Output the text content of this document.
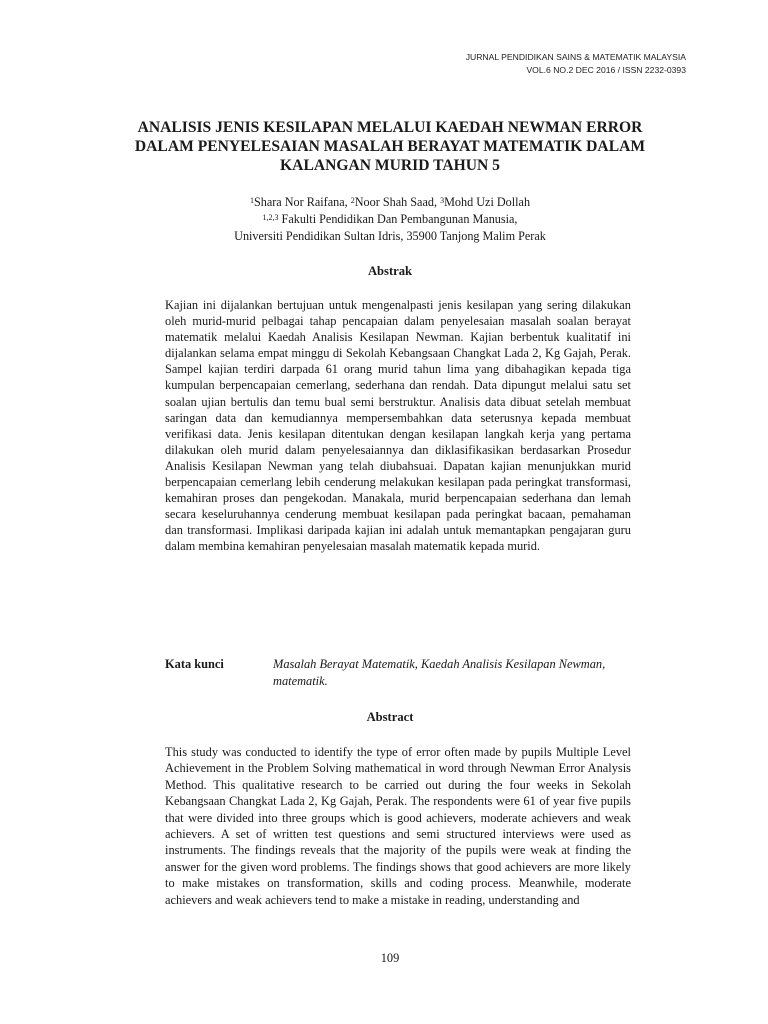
JURNAL PENDIDIKAN SAINS & MATEMATIK MALAYSIA
VOL.6 NO.2 DEC 2016 / ISSN 2232-0393
ANALISIS JENIS KESILAPAN MELALUI KAEDAH NEWMAN ERROR DALAM PENYELESAIAN MASALAH BERAYAT MATEMATIK DALAM KALANGAN MURID TAHUN 5
$^1$Shara Nor Raifana, $^2$Noor Shah Saad, $^3$Mohd Uzi Dollah
$^{1,2,3}$ Fakulti Pendidikan Dan Pembangunan Manusia,
Universiti Pendidikan Sultan Idris, 35900 Tanjong Malim Perak
Abstrak
Kajian ini dijalankan bertujuan untuk mengenalpasti jenis kesilapan yang sering dilakukan oleh murid-murid pelbagai tahap pencapaian dalam penyelesaian masalah soalan berayat matematik melalui Kaedah Analisis Kesilapan Newman. Kajian berbentuk kualitatif ini dijalankan selama empat minggu di Sekolah Kebangsaan Changkat Lada 2, Kg Gajah, Perak. Sampel kajian terdiri darpada 61 orang murid tahun lima yang dibahagikan kepada tiga kumpulan berpencapaian cemerlang, sederhana dan rendah. Data dipungut melalui satu set soalan ujian bertulis dan temu bual semi berstruktur. Analisis data dibuat setelah membuat saringan data dan kemudiannya mempersembahkan data seterusnya kepada membuat verifikasi data. Jenis kesilapan ditentukan dengan kesilapan langkah kerja yang pertama dilakukan oleh murid dalam penyelesaiannya dan diklasifikasikan berdasarkan Prosedur Analisis Kesilapan Newman yang telah diubahsuai. Dapatan kajian menunjukkan murid berpencapaian cemerlang lebih cenderung melakukan kesilapan pada peringkat transformasi, kemahiran proses dan pengekodan. Manakala, murid berpencapaian sederhana dan lemah secara keseluruhannya cenderung membuat kesilapan pada peringkat bacaan, pemahaman dan transformasi. Implikasi daripada kajian ini adalah untuk memantapkan pengajaran guru dalam membina kemahiran penyelesaian masalah matematik kepada murid.
Kata kunci	Masalah Berayat Matematik, Kaedah Analisis Kesilapan Newman, matematik.
Abstract
This study was conducted to identify the type of error often made by pupils Multiple Level Achievement in the Problem Solving mathematical in word through Newman Error Analysis Method. This qualitative research to be carried out during the four weeks in Sekolah Kebangsaan Changkat Lada 2, Kg Gajah, Perak. The respondents were 61 of year five pupils that were divided into three groups which is good achievers, moderate achievers and weak achievers. A set of written test questions and semi structured interviews were used as instruments. The findings reveals that the majority of the pupils were weak at finding the answer for the given word problems. The findings shows that good achievers are more likely to make mistakes on transformation, skills and coding process. Meanwhile, moderate achievers and weak achievers tend to make a mistake in reading, understanding and
109
